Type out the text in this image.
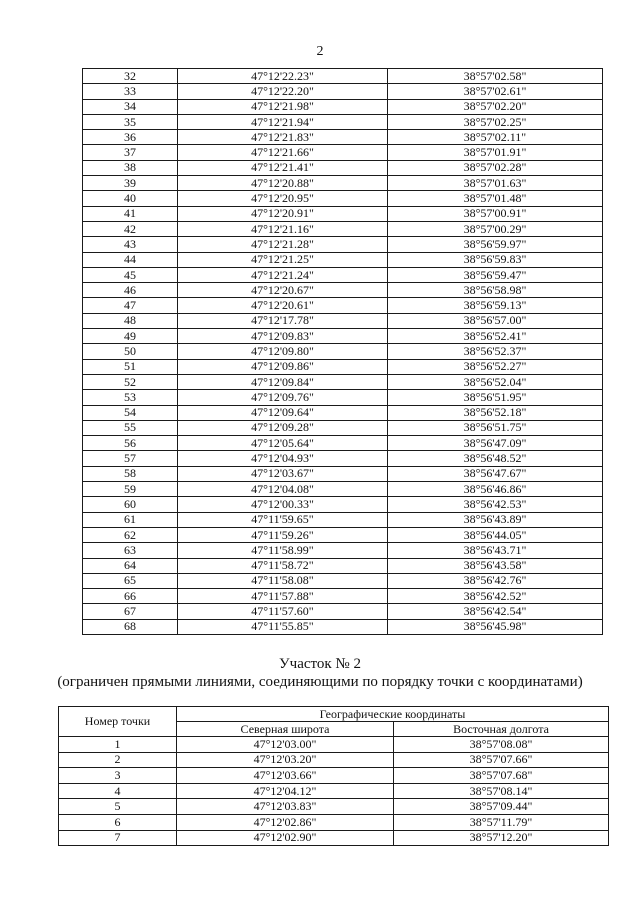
2
32	47°12'22.23"	38°57'02.58"
33	47°12'22.20"	38°57'02.61"
34	47°12'21.98"	38°57'02.20"
35	47°12'21.94"	38°57'02.25"
36	47°12'21.83"	38°57'02.11"
37	47°12'21.66"	38°57'01.91"
38	47°12'21.41"	38°57'02.28"
39	47°12'20.88"	38°57'01.63"
40	47°12'20.95"	38°57'01.48"
41	47°12'20.91"	38°57'00.91"
42	47°12'21.16"	38°57'00.29"
43	47°12'21.28"	38°56'59.97"
44	47°12'21.25"	38°56'59.83"
45	47°12'21.24"	38°56'59.47"
46	47°12'20.67"	38°56'58.98"
47	47°12'20.61"	38°56'59.13"
48	47°12'17.78"	38°56'57.00"
49	47°12'09.83"	38°56'52.41"
50	47°12'09.80"	38°56'52.37"
51	47°12'09.86"	38°56'52.27"
52	47°12'09.84"	38°56'52.04"
53	47°12'09.76"	38°56'51.95"
54	47°12'09.64"	38°56'52.18"
55	47°12'09.28"	38°56'51.75"
56	47°12'05.64"	38°56'47.09"
57	47°12'04.93"	38°56'48.52"
58	47°12'03.67"	38°56'47.67"
59	47°12'04.08"	38°56'46.86"
60	47°12'00.33"	38°56'42.53"
61	47°11'59.65"	38°56'43.89"
62	47°11'59.26"	38°56'44.05"
63	47°11'58.99"	38°56'43.71"
64	47°11'58.72"	38°56'43.58"
65	47°11'58.08"	38°56'42.76"
66	47°11'57.88"	38°56'42.52"
67	47°11'57.60"	38°56'42.54"
68	47°11'55.85"	38°56'45.98"
Участок № 2
(ограничен прямыми линиями, соединяющими по порядку точки с координатами)
Номер точки	Географические координаты	
	Северная широта	Восточная долгота
1	47°12'03.00"	38°57'08.08"
2	47°12'03.20"	38°57'07.66"
3	47°12'03.66"	38°57'07.68"
4	47°12'04.12"	38°57'08.14"
5	47°12'03.83"	38°57'09.44"
6	47°12'02.86"	38°57'11.79"
7	47°12'02.90"	38°57'12.20"
